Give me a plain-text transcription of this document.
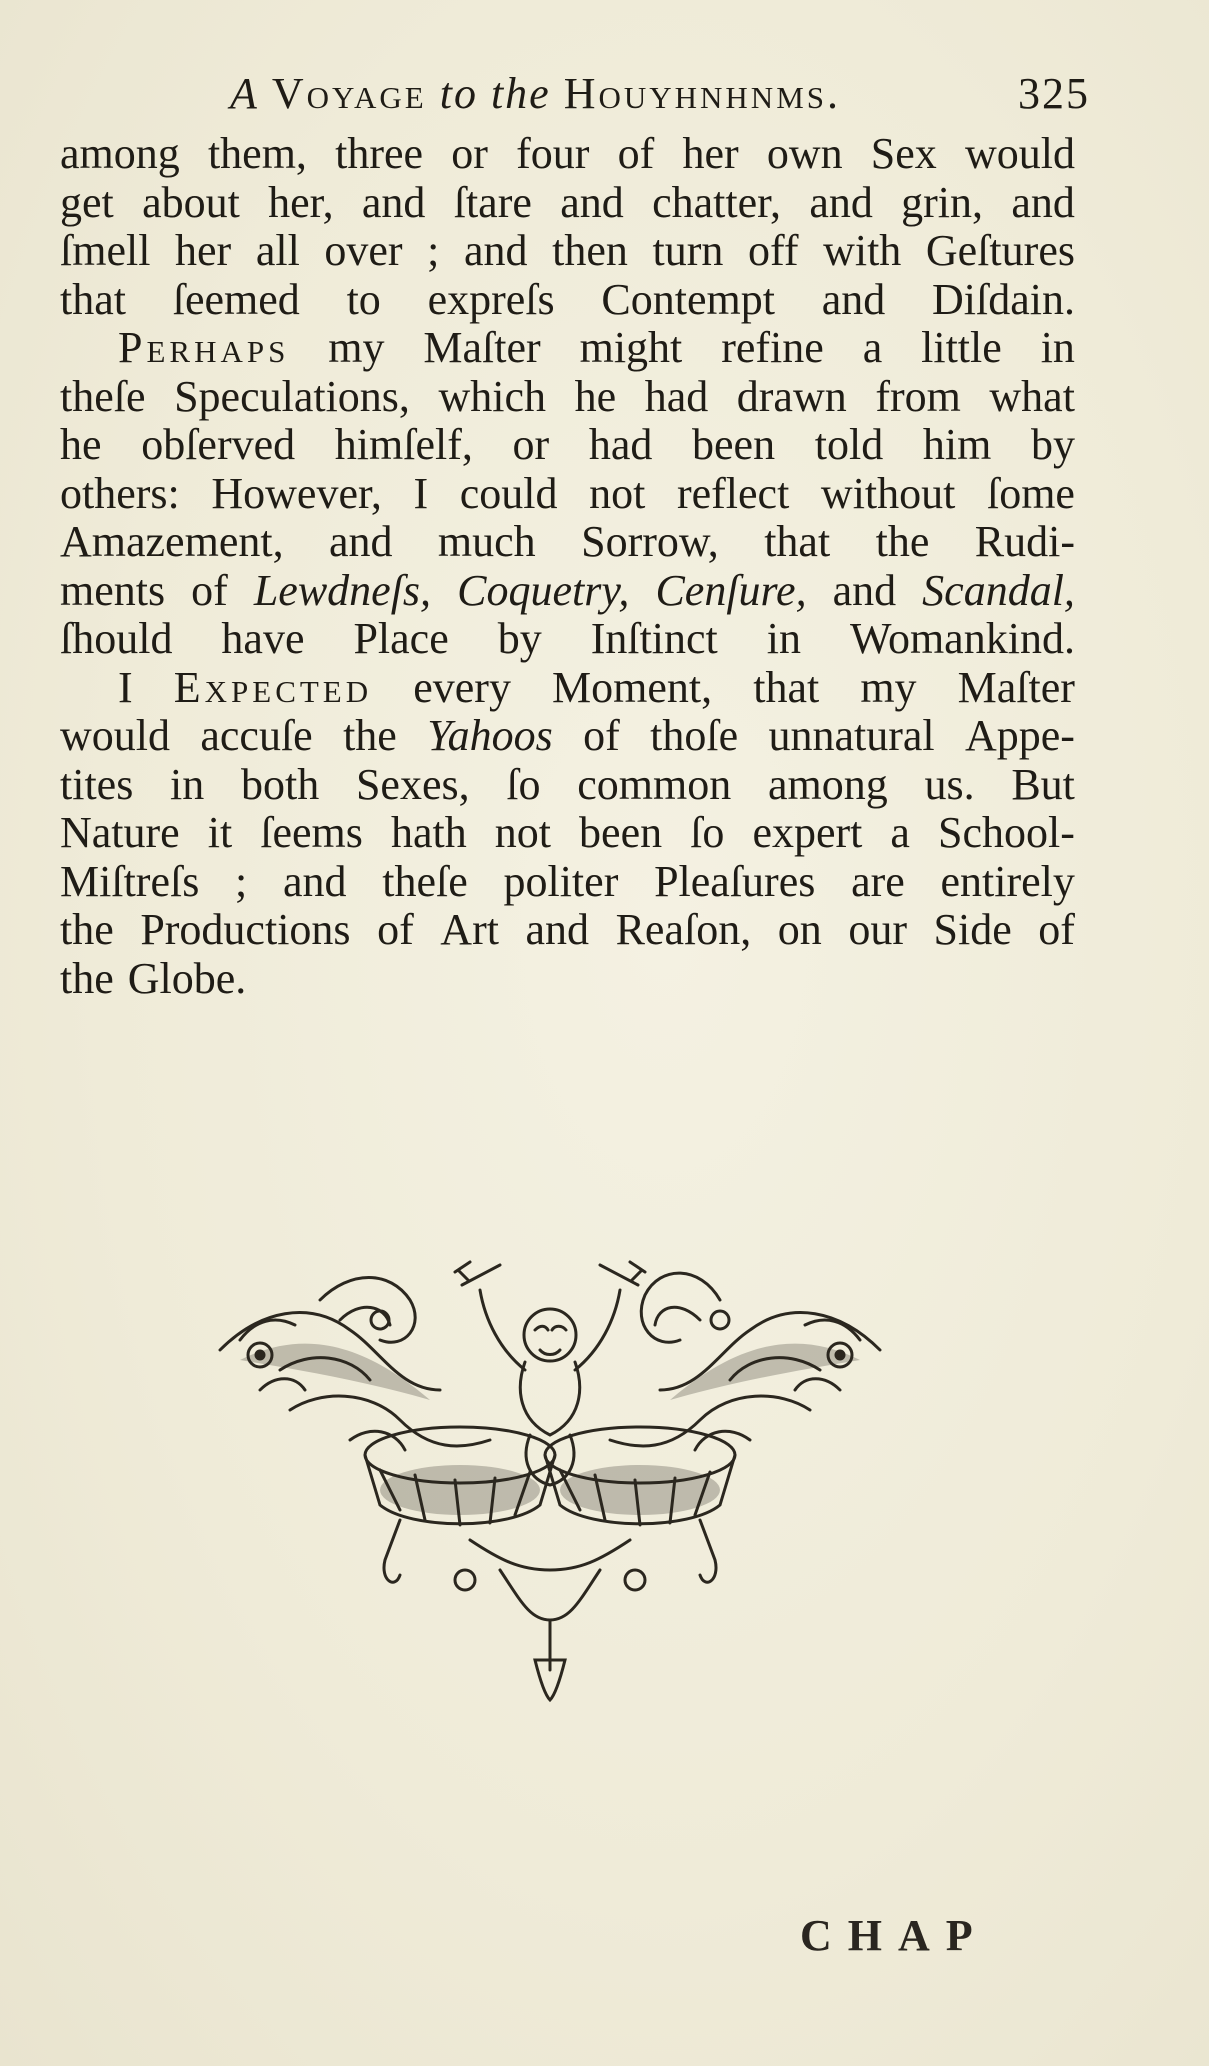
A Voyage to the Houyhnhnms.	325
among them, three or four of her own Sex would
get about her, and ſtare and chatter, and grin, and
ſmell her all over ; and then turn off with Geſtures
that ſeemed to expreſs Contempt and Diſdain.
Perhaps my Maſter might refine a little in
theſe Speculations, which he had drawn from what
he obſerved himſelf, or had been told him by
others: However, I could not reflect without ſome
Amazement, and much Sorrow, that the Rudi-
ments of Lewdneſs, Coquetry, Cenſure, and Scandal,
ſhould have Place by Inſtinct in Womankind.
I Expected every Moment, that my Maſter
would accuſe the Yahoos of thoſe unnatural Appe-
tites in both Sexes, ſo common among us. But
Nature it ſeems hath not been ſo expert a School-
Miſtreſs ; and theſe politer Pleaſures are entirely
the Productions of Art and Reaſon, on our Side of
the Globe.
CHAP
